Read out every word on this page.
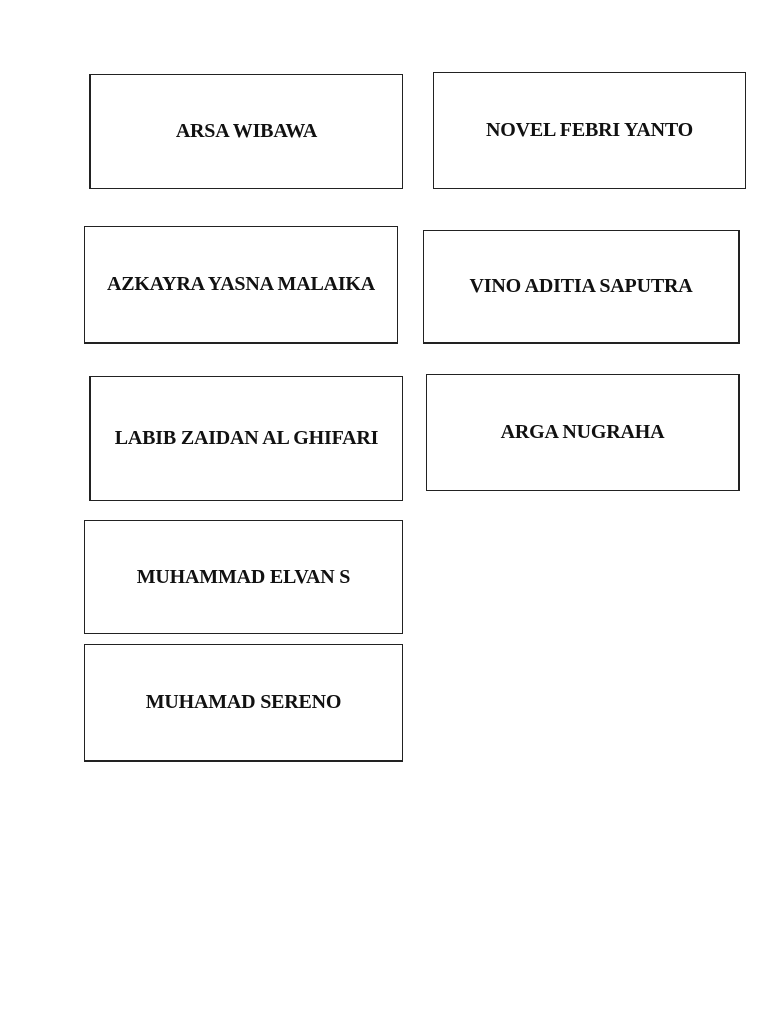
ARSA WIBAWA	NOVEL FEBRI YANTO
AZKAYRA YASNA MALAIKA	VINO ADITIA SAPUTRA
LABIB ZAIDAN AL GHIFARI	ARGA NUGRAHA
MUHAMMAD ELVAN S
MUHAMAD SERENO
